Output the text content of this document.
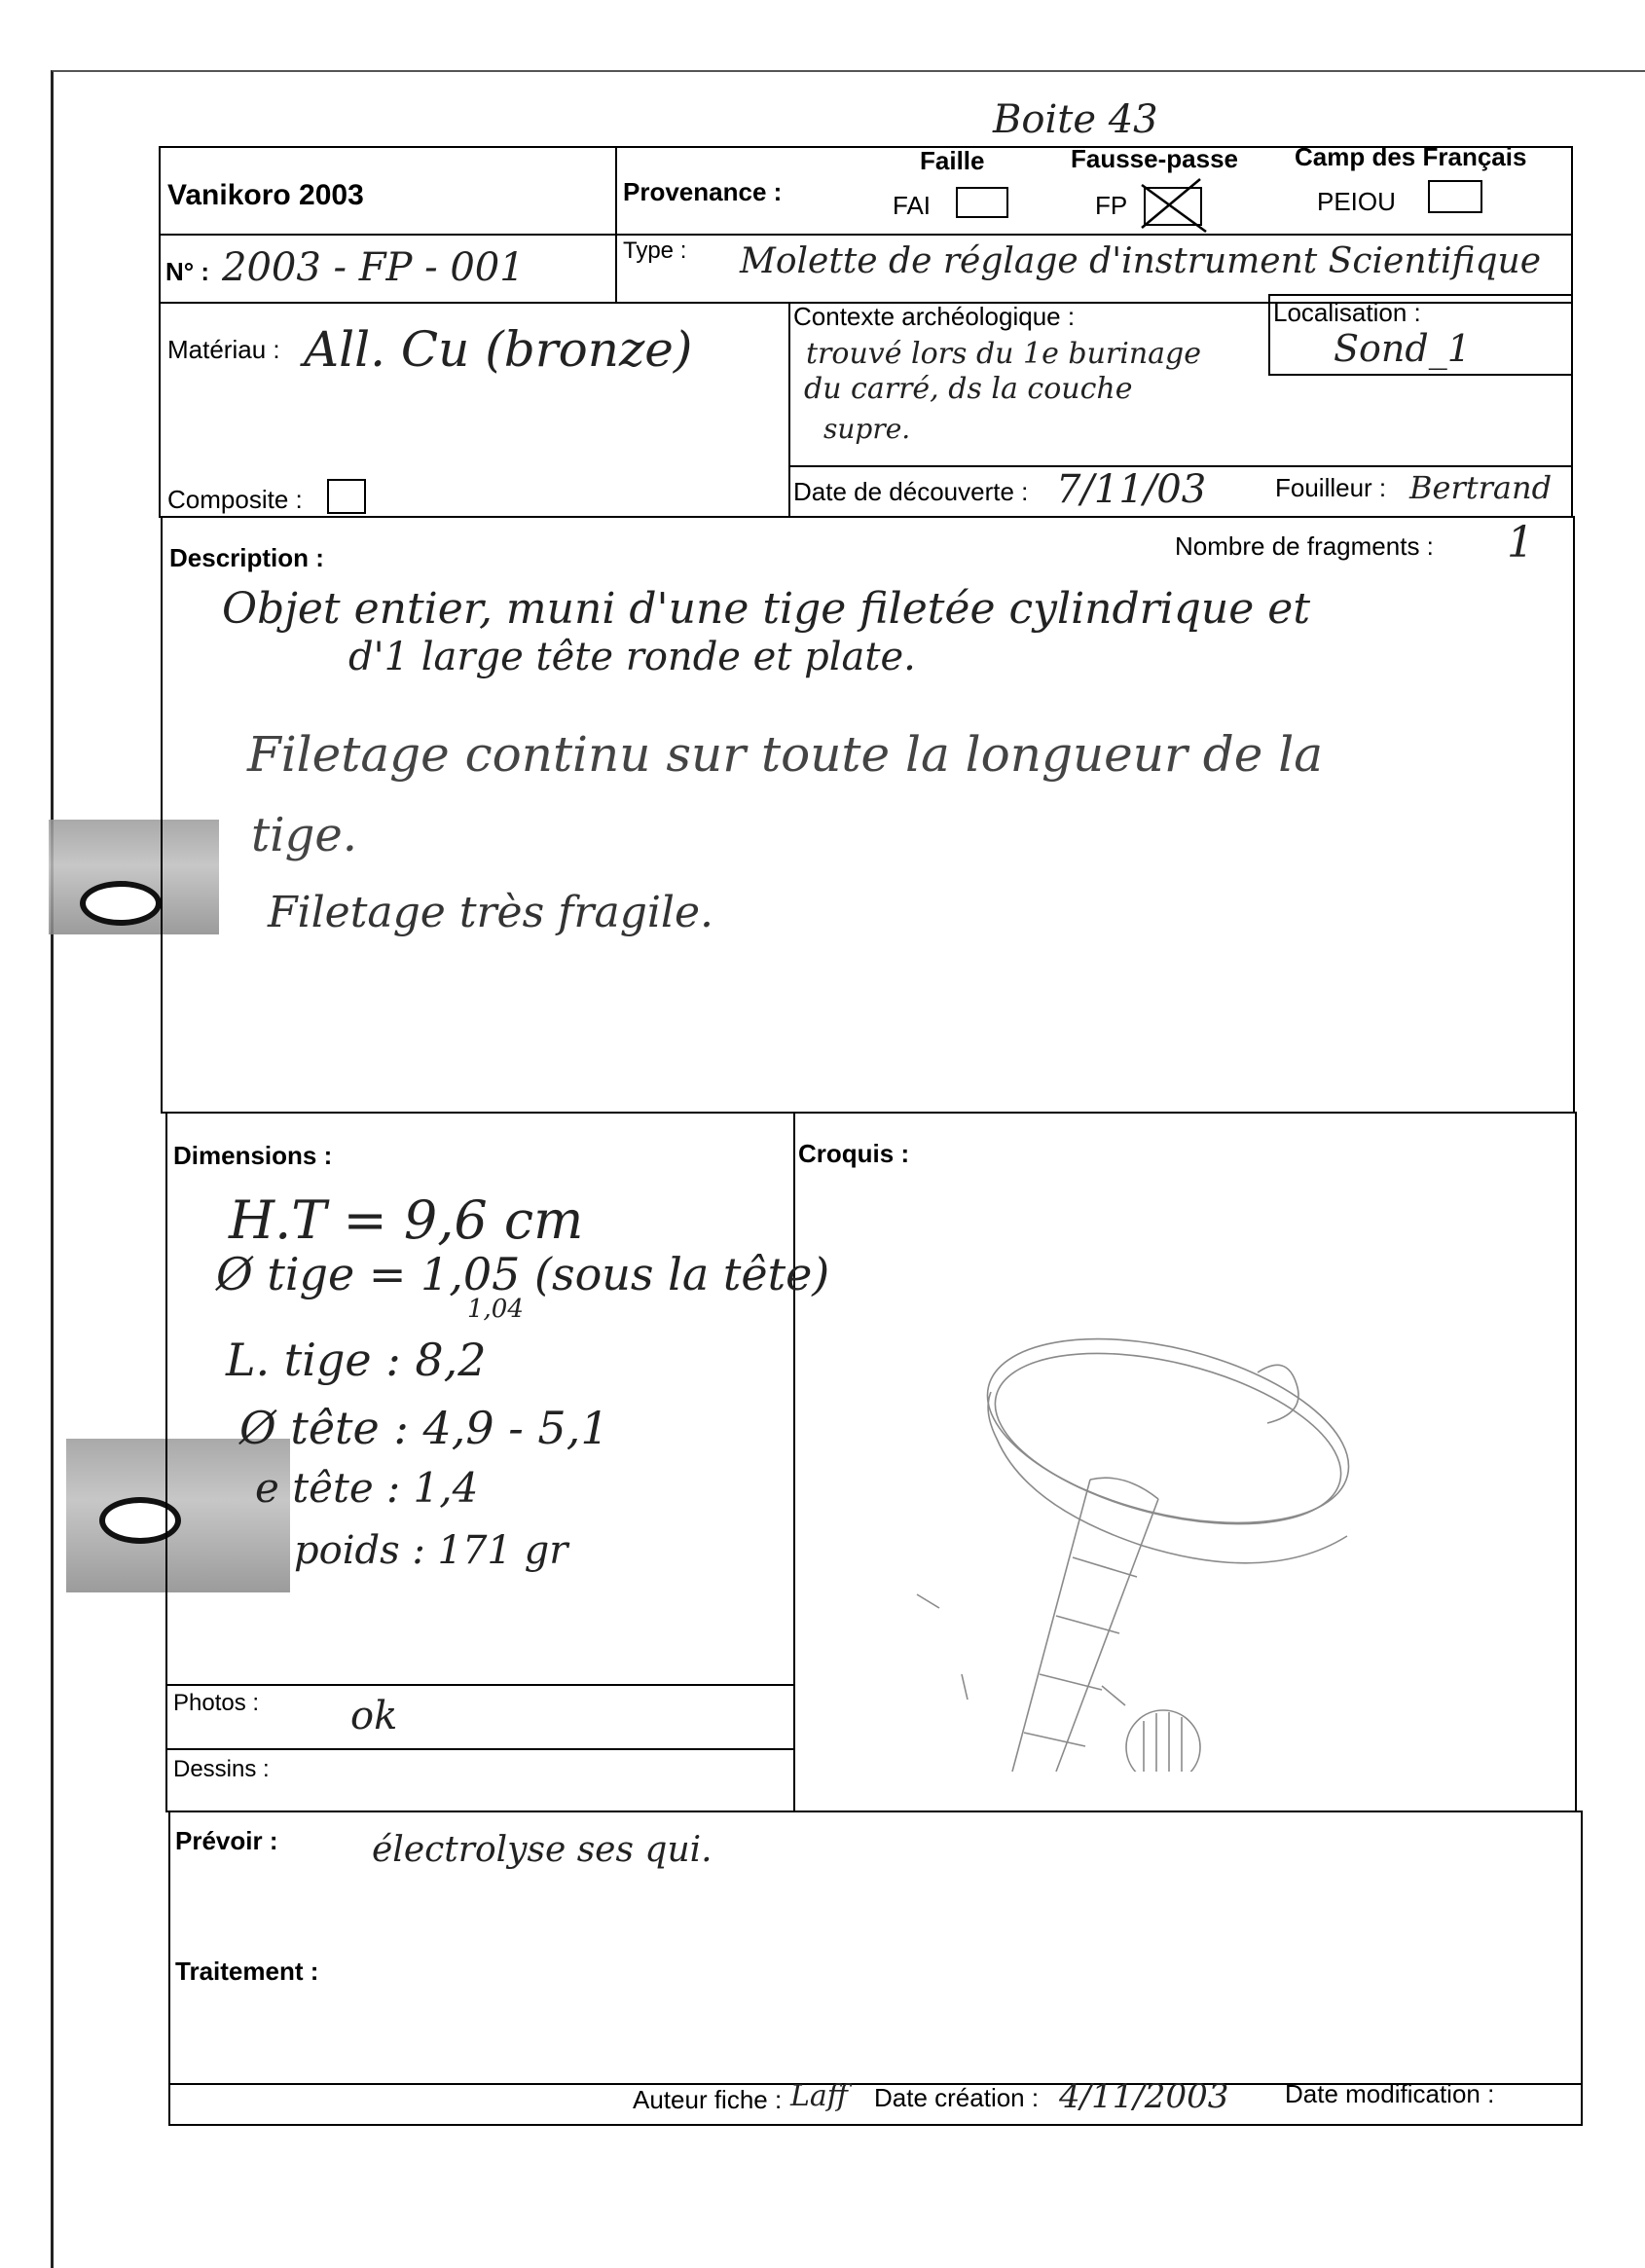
Boite 43
Vanikoro 2003	Provenance :
Faille
FAI
Fausse-passe
FP
Camp des Français
PEIOU
N° : 2003 - FP - 001	Type : Molette de réglage d'instrument Scientifique
Matériau : All. Cu (bronze)
Contexte archéologique :
trouvé lors du 1e burinage
du carré, ds la couche
supre.
Localisation :
Sond_1
Composite :	Date de découverte : 7/11/03	Fouilleur : Bertrand
Description :	Nombre de fragments : 1
Objet entier, muni d'une tige filetée cylindrique et
d'1 large tête ronde et plate.
Filetage continu sur toute la longueur de la
tige.
Filetage très fragile.
Dimensions :
H.T = 9,6 cm
Ø tige = 1,05 (sous la tête)
1,04
L. tige : 8,2
Ø tête : 4,9 - 5,1
e tête : 1,4
poids : 171 gr
Croquis :
Photos : ok
Dessins :
Prévoir :	électrolyse ses qui.
Traitement :
Auteur fiche : Laff Date création : 4/11/2003 Date modification :
